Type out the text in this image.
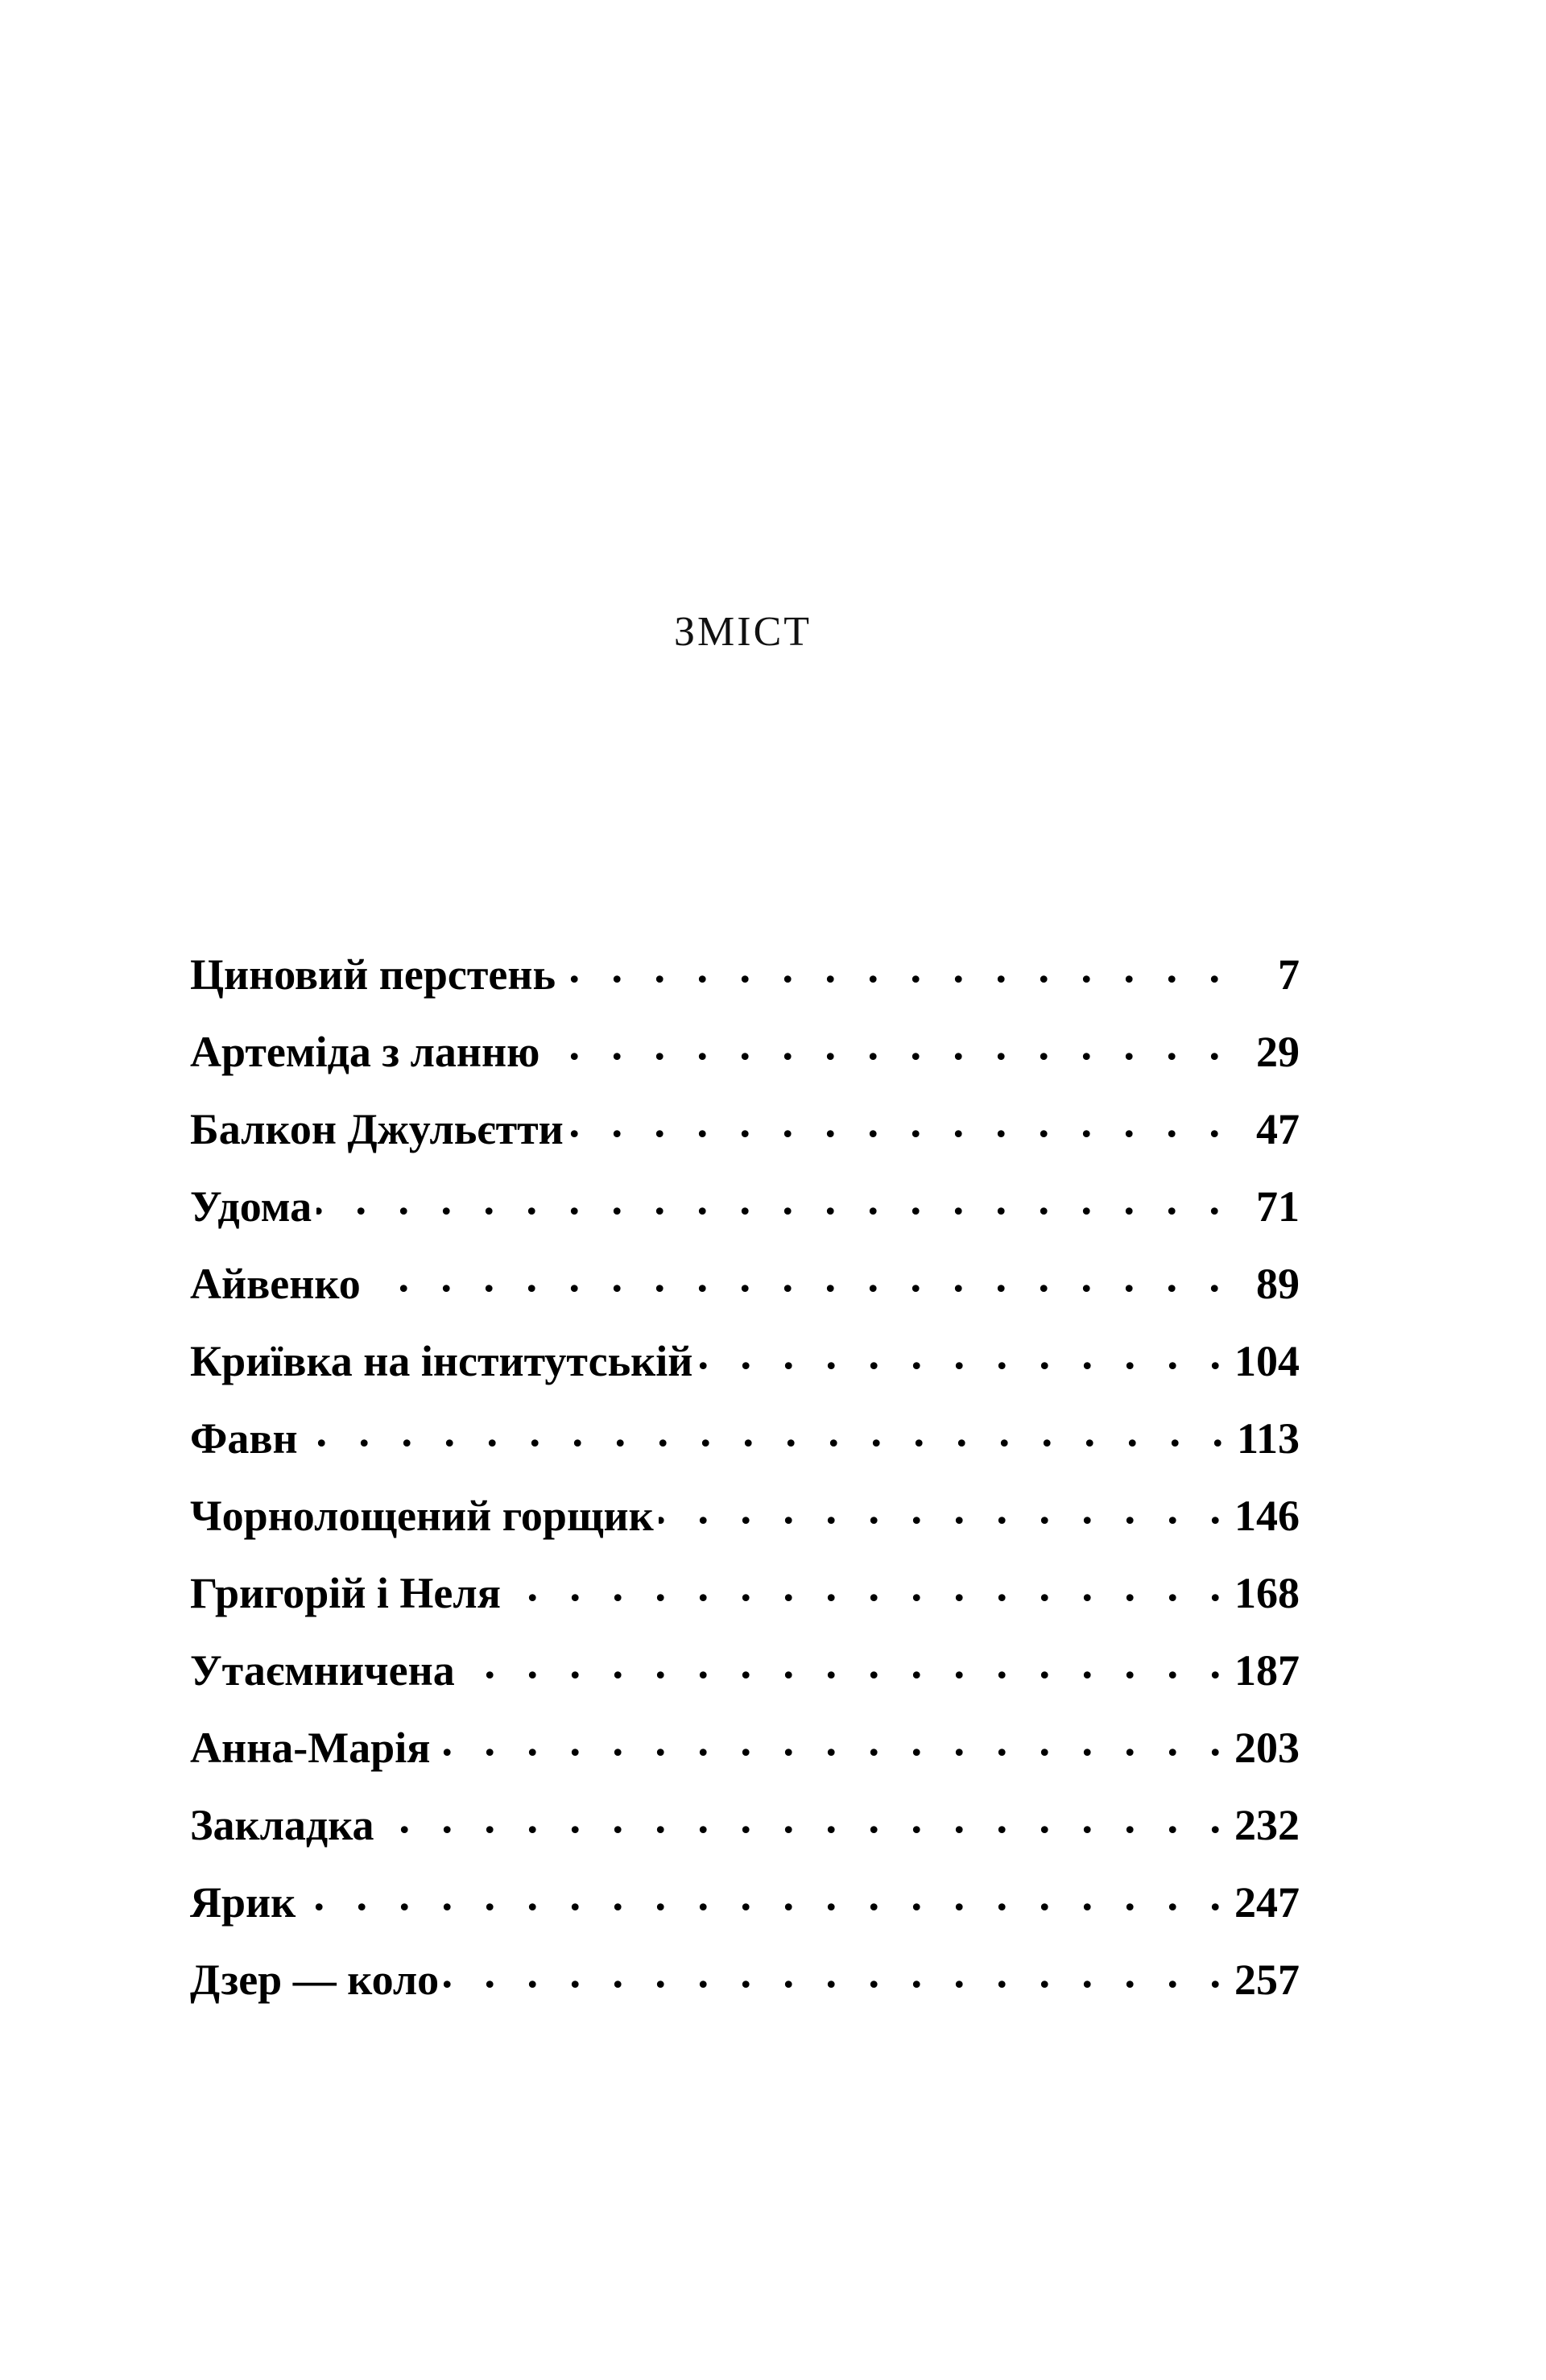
ЗМІСТ
Циновий перстень . . .	7
Артеміда з ланню . . .	29
Балкон Джульєтти . . .	47
Удома . . .	71
Айвенко . . .	89
Криївка на інститутській . . .	104
Фавн . . .	113
Чорнолощений горщик . . .	146
Григорій і Неля . . .	168
Утаємничена . . .	187
Анна-Марія . . .	203
Закладка . . .	232
Ярик . . .	247
Дзер — коло . . .	257
